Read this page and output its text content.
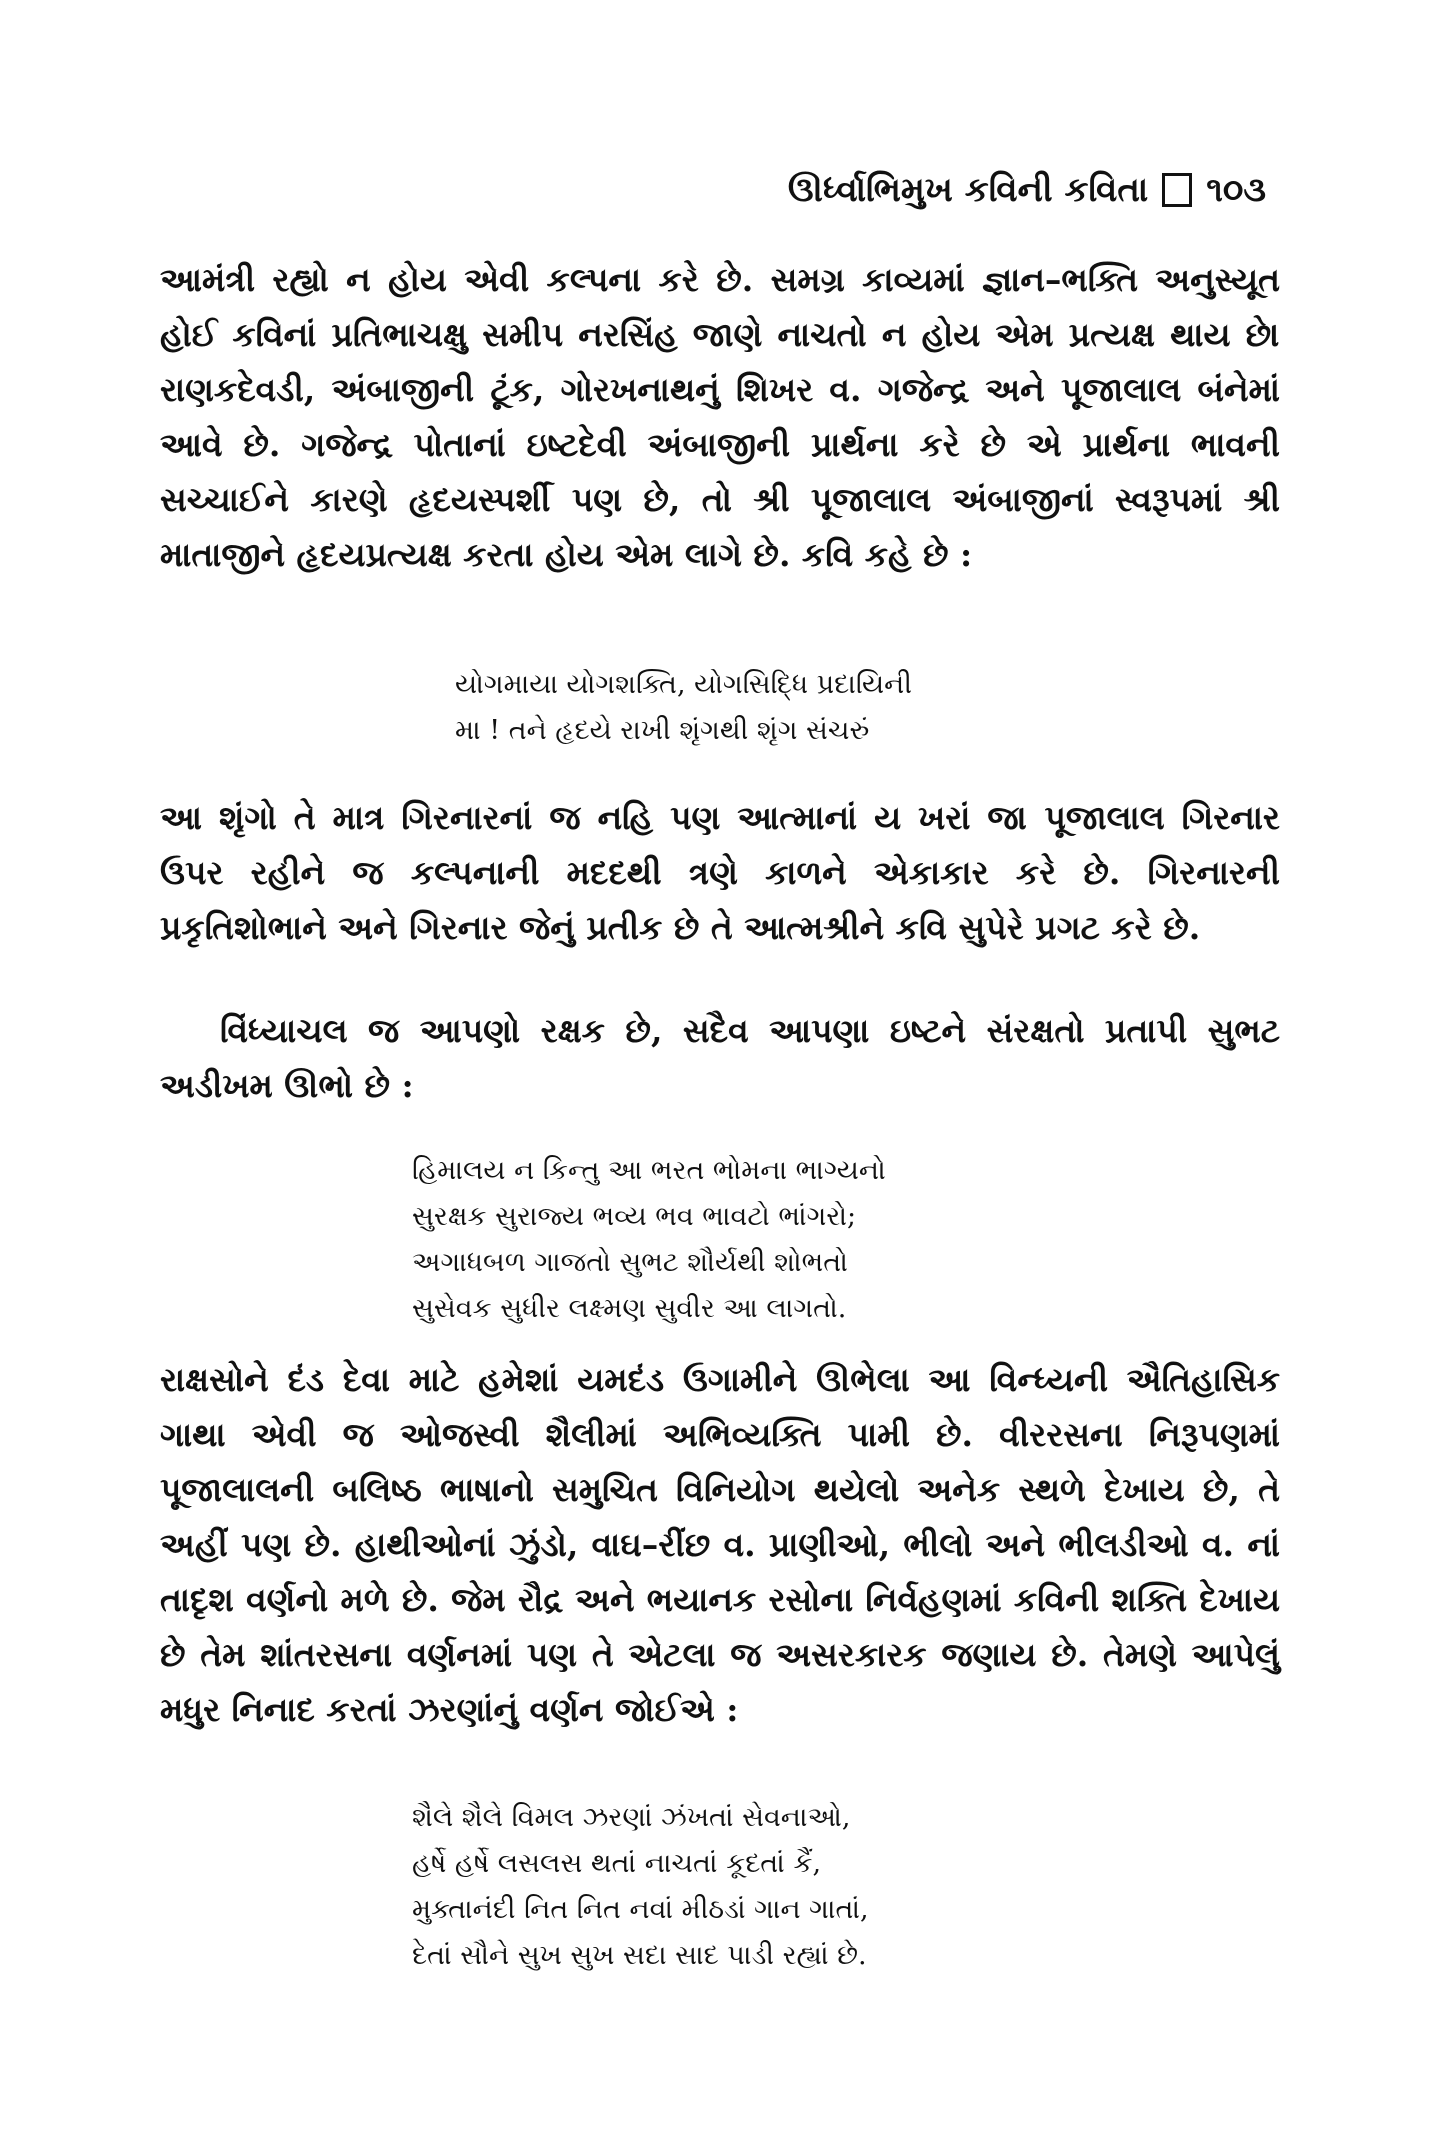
ઊર્ધ્વાભિમુખ કવિની કવિતા ૧૦૩

આમંત્રી રહ્યો ન હોય એવી કલ્પના કરે છે. સમગ્ર કાવ્યમાં જ્ઞાન–ભક્તિ અનુસ્યૂત હોઈ કવિનાં પ્રતિભાચક્ષુ સમીપ નરસિંહ જાણે નાચતો ન હોય એમ પ્રત્યક્ષ થાય છે। રાણકદેવડી, અંબાજીની ટૂંક, ગોરખનાથનું શિખર વ. ગજેન્દ્ર અને પૂજાલાલ બંનેમાં આવે છે. ગજેન્દ્ર પોતાનાં ઇષ્ટદેવી અંબાજીની પ્રાર્થના કરે છે એ પ્રાર્થના ભાવની સચ્ચાઈને કારણે હૃદયસ્પર્શી પણ છે, તો શ્રી પૂજાલાલ અંબાજીનાં સ્વરૂપમાં શ્રી માતાજીને હૃદયપ્રત્યક્ષ કરતા હોય એમ લાગે છે. કવિ કહે છે :

યોગમાયા યોગશક્તિ, યોગસિદ્ધિ પ્રદાયિની
મા ! તને હૃદયે રાખી શૃંગથી શૃંગ સંચરું

આ શૃંગો તે માત્ર ગિરનારનાં જ નહિ પણ આત્માનાં ય ખરાં જ। પૂજાલાલ ગિરનાર ઉપર રહીને જ કલ્પનાની મદદથી ત્રણે કાળને એકાકાર કરે છે. ગિરનારની પ્રકૃતિશોભાને અને ગિરનાર જેનું પ્રતીક છે તે આત્મશ્રીને કવિ સુપેરે પ્રગટ કરે છે.

વિંધ્યાચલ જ આપણો રક્ષક છે, સદૈવ આપણા ઇષ્ટને સંરક્ષતો પ્રતાપી સુભટ અડીખમ ઊભો છે :

હિમાલય ન કિન્તુ આ ભરત ભોમના ભાગ્યનો
સુરક્ષક સુરાજ્ય ભવ્ય ભવ ભાવટો ભાંગરો;
અગાધબળ ગાજતો સુભટ શૌર્યથી શોભતો
સુસેવક સુધીર લક્ષ્મણ સુવીર આ લાગતો.

રાક્ષસોને દંડ દેવા માટે હમેશાં યમદંડ ઉગામીને ઊભેલા આ વિન્ધ્યની ઐતિહાસિક ગાથા એવી જ ઓજસ્વી શૈલીમાં અભિવ્યક્તિ પામી છે. વીરરસના નિરૂપણમાં પૂજાલાલની બલિષ્ઠ ભાષાનો સમુચિત વિનિયોગ થયેલો અનેક સ્થળે દેખાય છે, તે અહીં પણ છે. હાથીઓનાં ઝુંડો, વાઘ–રીંછ વ. પ્રાણીઓ, ભીલો અને ભીલડીઓ વ. નાં તાદૃશ વર્ણનો મળે છે. જેમ રૌદ્ર અને ભયાનક રસોના નિર્વહણમાં કવિની શક્તિ દેખાય છે તેમ શાંતરસના વર્ણનમાં પણ તે એટલા જ અસરકારક જણાય છે. તેમણે આપેલું મધુર નિનાદ કરતાં ઝરણાંનું વર્ણન જોઈએ :

શૈલે શૈલે વિમલ ઝરણાં ઝંખતાં સેવનાઓ,
હર્ષે હર્ષે લસલસ થતાં નાચતાં કૂદતાં કૈં,
મુક્તાનંદી નિત નિત નવાં મીઠડાં ગાન ગાતાં,
દેતાં સૌને સુખ સુખ સદા સાદ પાડી રહ્યાં છે.
